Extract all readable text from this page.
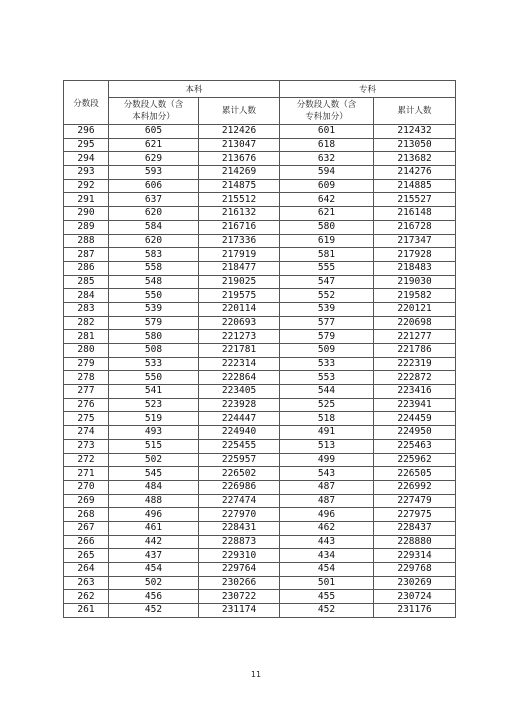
分数段	本科		专科	
	分数段人数（含本科加分）	累计人数	分数段人数（含专科加分）	累计人数
296	605	212426	601	212432
295	621	213047	618	213050
294	629	213676	632	213682
293	593	214269	594	214276
292	606	214875	609	214885
291	637	215512	642	215527
290	620	216132	621	216148
289	584	216716	580	216728
288	620	217336	619	217347
287	583	217919	581	217928
286	558	218477	555	218483
285	548	219025	547	219030
284	550	219575	552	219582
283	539	220114	539	220121
282	579	220693	577	220698
281	580	221273	579	221277
280	508	221781	509	221786
279	533	222314	533	222319
278	550	222864	553	222872
277	541	223405	544	223416
276	523	223928	525	223941
275	519	224447	518	224459
274	493	224940	491	224950
273	515	225455	513	225463
272	502	225957	499	225962
271	545	226502	543	226505
270	484	226986	487	226992
269	488	227474	487	227479
268	496	227970	496	227975
267	461	228431	462	228437
266	442	228873	443	228880
265	437	229310	434	229314
264	454	229764	454	229768
263	502	230266	501	230269
262	456	230722	455	230724
261	452	231174	452	231176
11
